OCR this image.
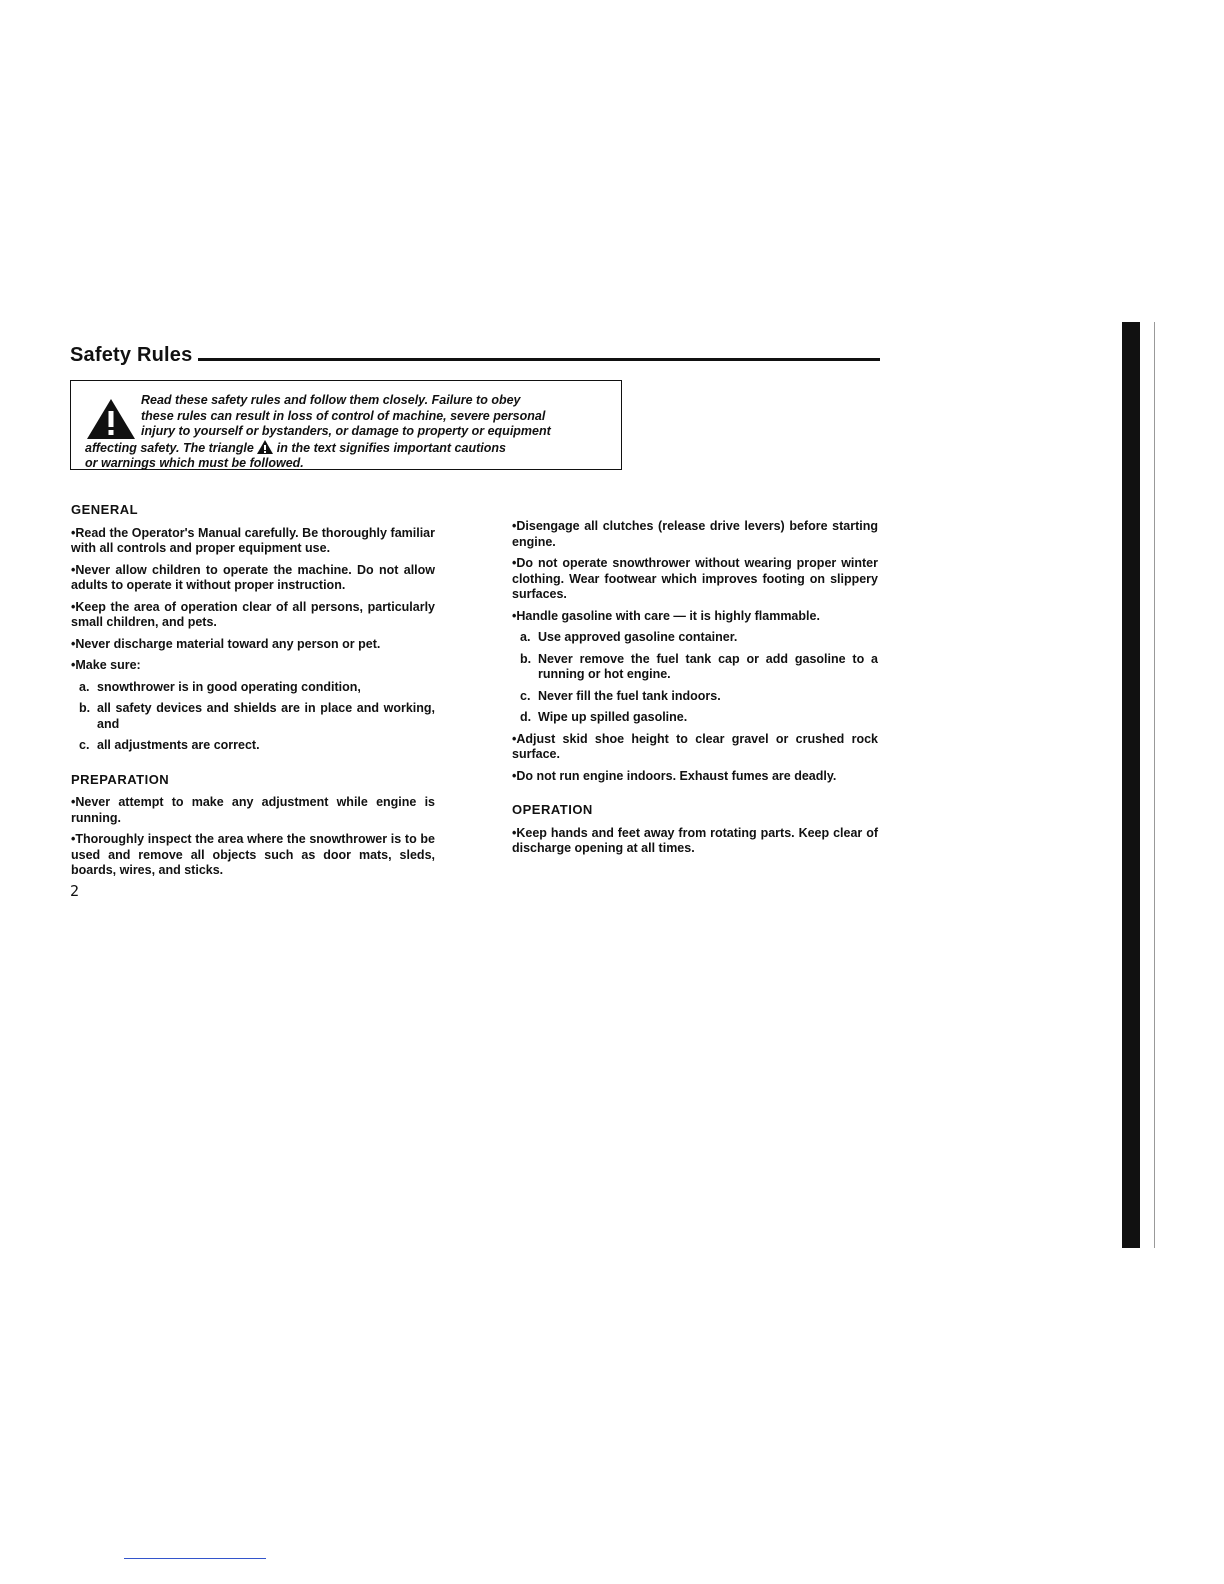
Safety Rules
Read these safety rules and follow them closely. Failure to obey
these rules can result in loss of control of machine, severe personal
injury to yourself or bystanders, or damage to property or equipment
affecting safety. The triangle in the text signifies important cautions
or warnings which must be followed.
GENERAL

•Read the Operator's Manual carefully. Be thoroughly familiar with all controls and proper equipment use.

•Never allow children to operate the machine. Do not allow adults to operate it without proper instruction.

•Keep the area of operation clear of all persons, particularly small children, and pets.

•Never discharge material toward any person or pet.

•Make sure:

a. snowthrower is in good operating condition,

b. all safety devices and shields are in place and working, and

c. all adjustments are correct.

PREPARATION

•Never attempt to make any adjustment while engine is running.

•Thoroughly inspect the area where the snowthrower is to be used and remove all objects such as door mats, sleds, boards, wires, and sticks.

•Disengage all clutches (release drive levers) before starting engine.

•Do not operate snowthrower without wearing proper winter clothing. Wear footwear which improves footing on slippery surfaces.

•Handle gasoline with care — it is highly flammable.

a. Use approved gasoline container.

b. Never remove the fuel tank cap or add gasoline to a running or hot engine.

c. Never fill the fuel tank indoors.

d. Wipe up spilled gasoline.

•Adjust skid shoe height to clear gravel or crushed rock surface.

•Do not run engine indoors. Exhaust fumes are deadly.

OPERATION

•Keep hands and feet away from rotating parts. Keep clear of discharge opening at all times.

2
